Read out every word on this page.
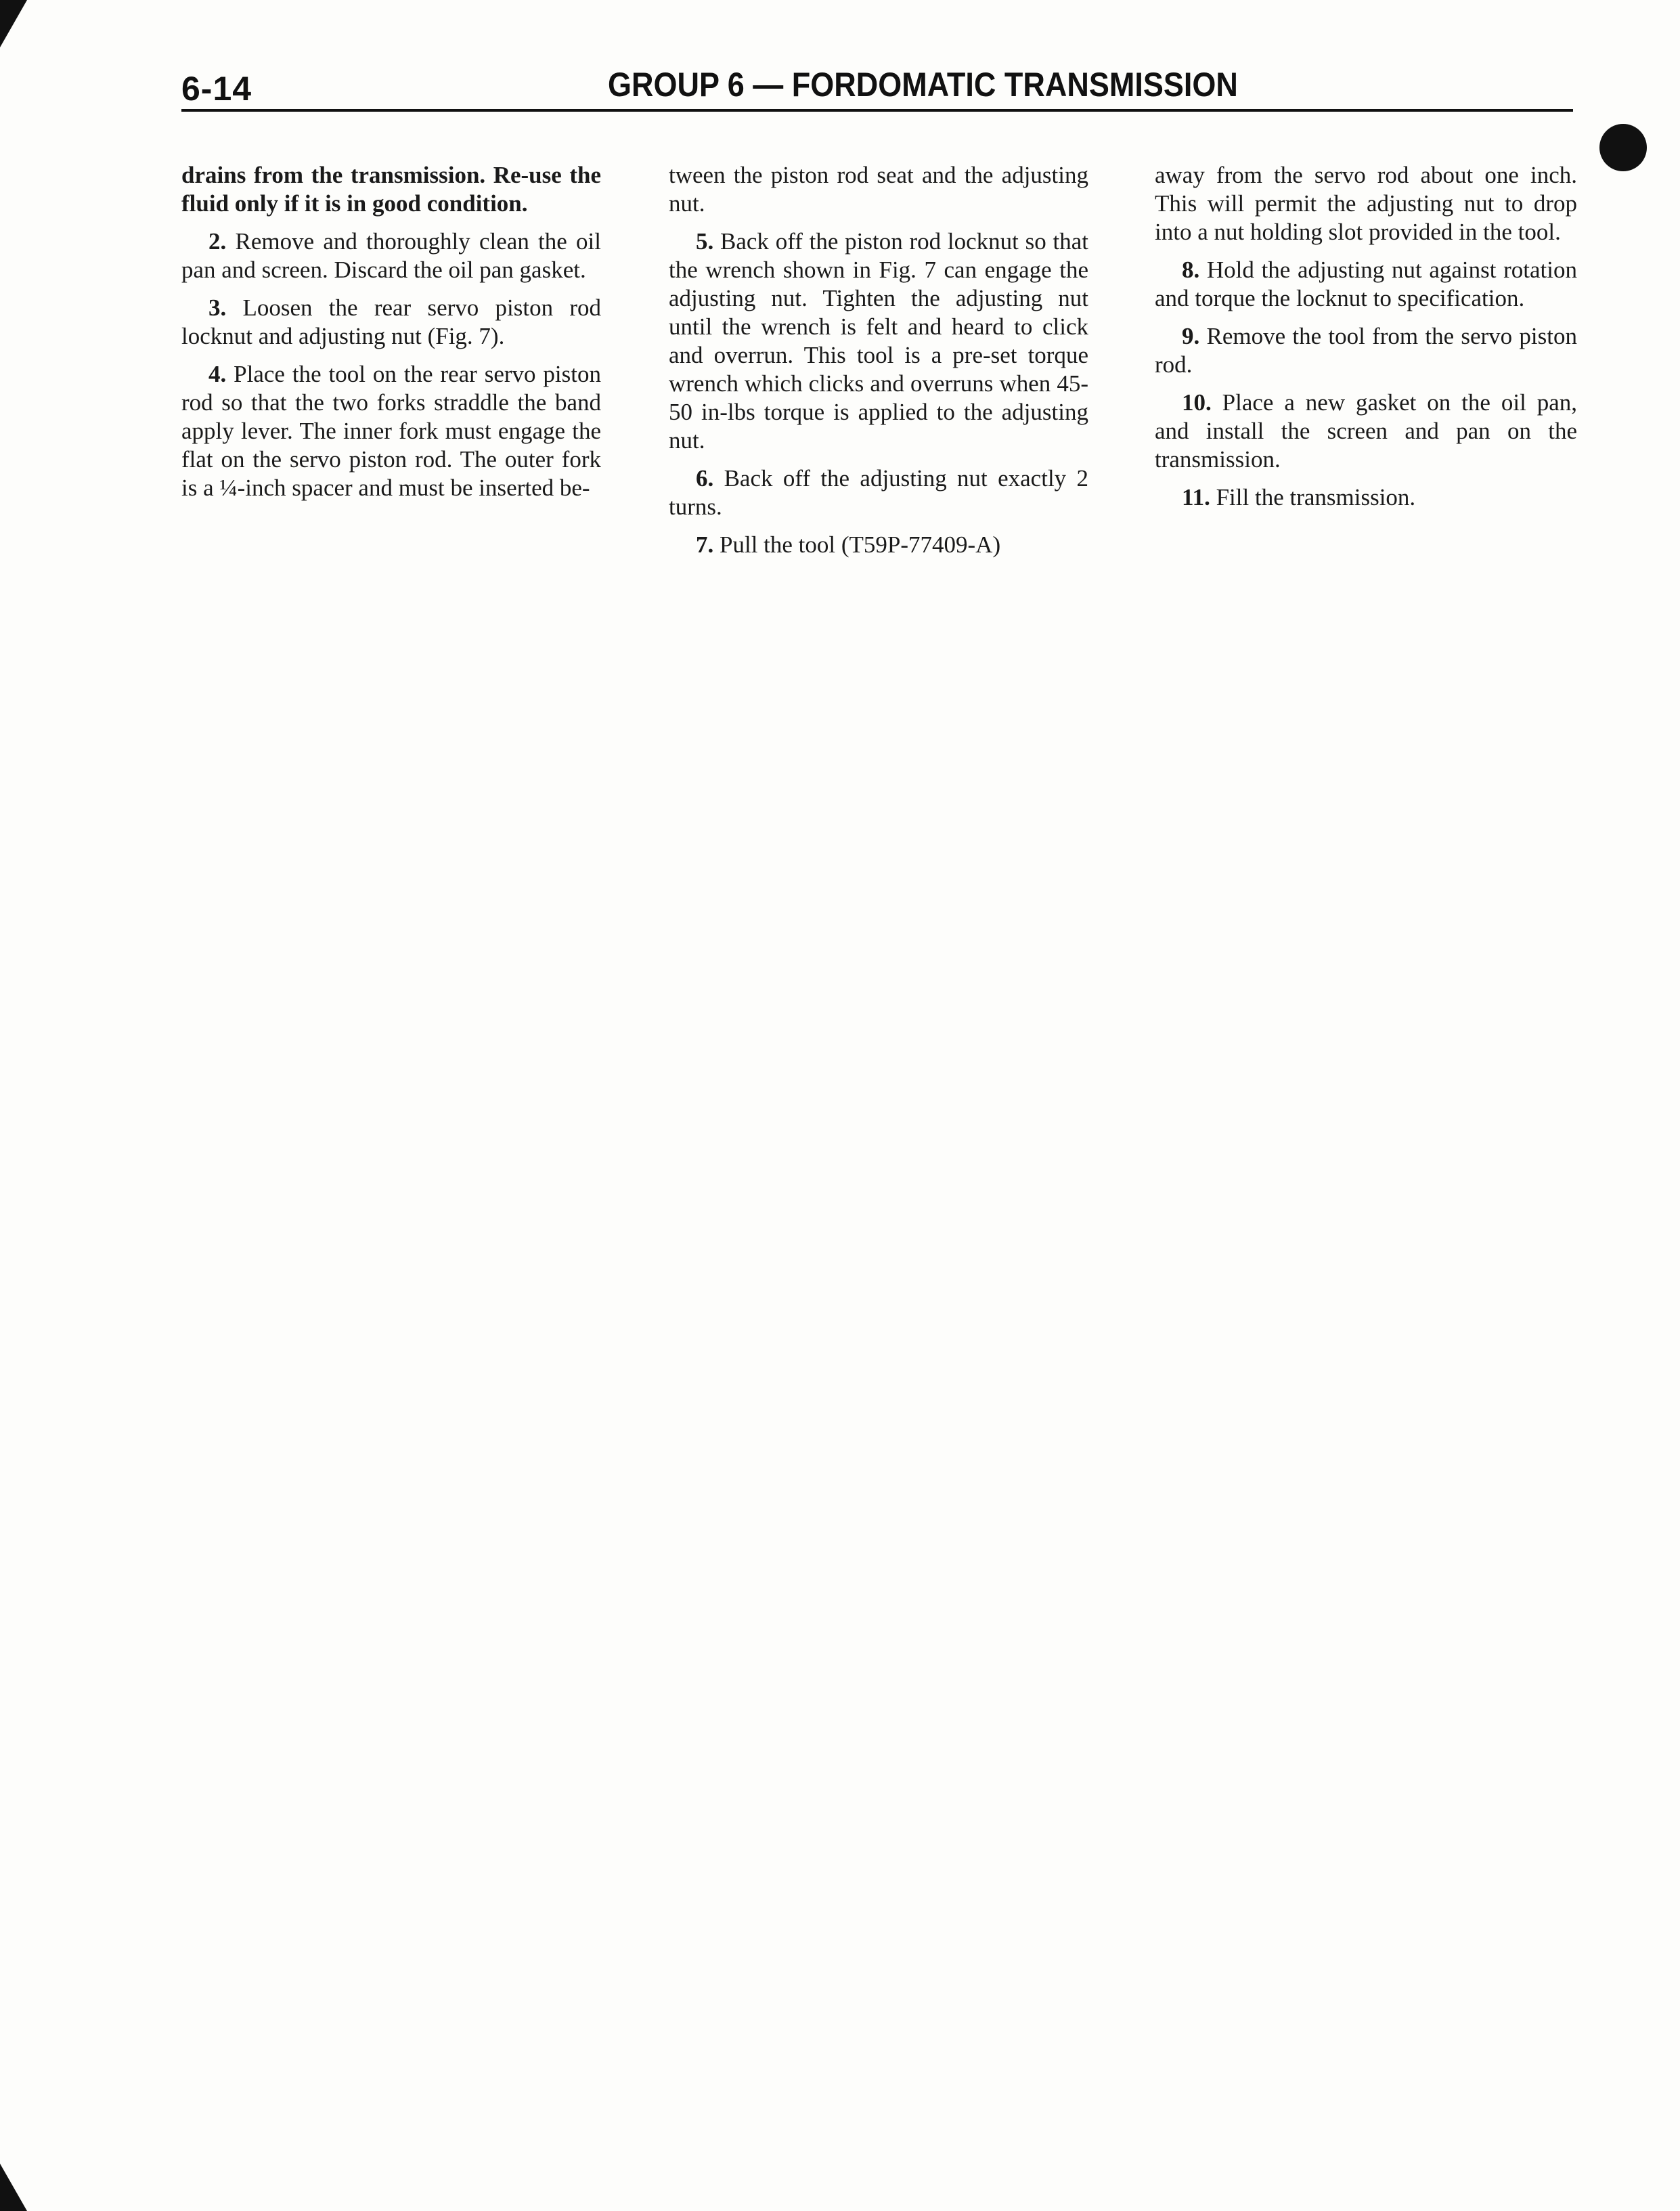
6-14	GROUP 6 — FORDOMATIC TRANSMISSION

drains from the transmission. Re-use the fluid only if it is in good condition.

2. Remove and thoroughly clean the oil pan and screen. Discard the oil pan gasket.

3. Loosen the rear servo piston rod locknut and adjusting nut (Fig. 7).

4. Place the tool on the rear servo piston rod so that the two forks straddle the band apply lever. The inner fork must engage the flat on the servo piston rod. The outer fork is a ¼-inch spacer and must be inserted be-

tween the piston rod seat and the adjusting nut.

5. Back off the piston rod locknut so that the wrench shown in Fig. 7 can engage the adjusting nut. Tighten the adjusting nut until the wrench is felt and heard to click and overrun. This tool is a pre-set torque wrench which clicks and overruns when 45-50 in-lbs torque is applied to the adjusting nut.

6. Back off the adjusting nut exactly 2 turns.

7. Pull the tool (T59P-77409-A)

away from the servo rod about one inch. This will permit the adjusting nut to drop into a nut holding slot provided in the tool.

8. Hold the adjusting nut against rotation and torque the locknut to specification.

9. Remove the tool from the servo piston rod.

10. Place a new gasket on the oil pan, and install the screen and pan on the transmission.

11. Fill the transmission.
